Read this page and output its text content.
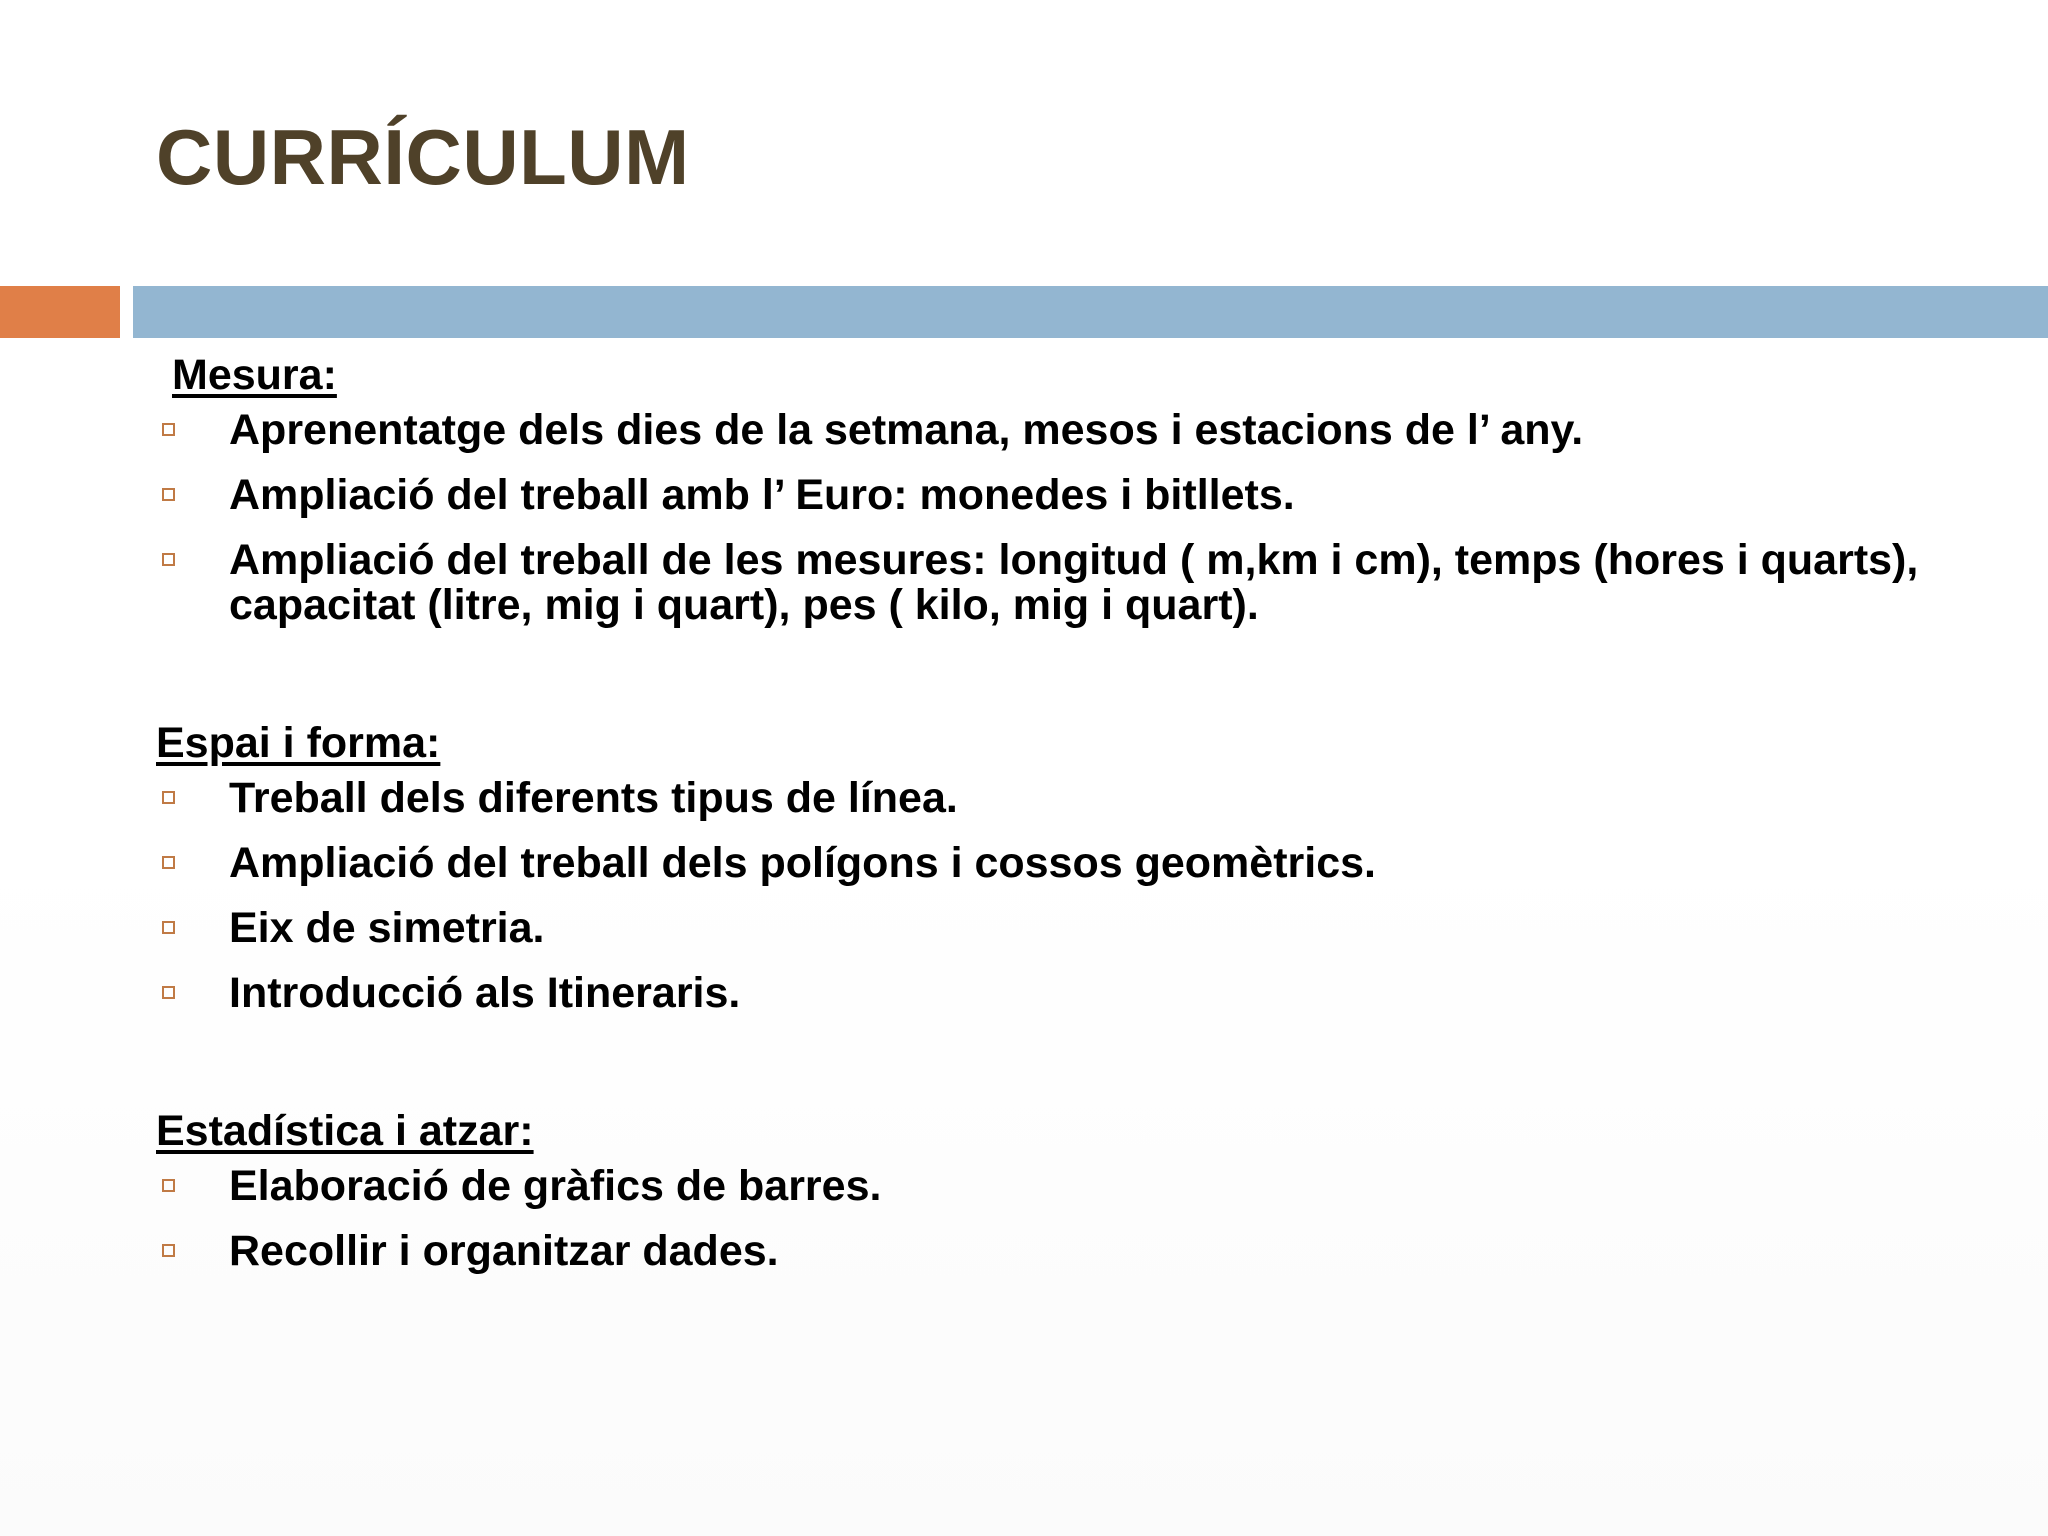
CURRÍCULUM
Mesura:
Aprenentatge dels dies de la setmana, mesos i estacions de l’ any.
Ampliació del treball amb l’ Euro: monedes i bitllets.
Ampliació del treball de les mesures: longitud ( m,km i cm), temps (hores i quarts), capacitat (litre, mig i quart), pes ( kilo, mig i quart).
Espai i forma:
Treball dels diferents tipus de línea.
Ampliació del treball dels polígons i cossos geomètrics.
Eix de simetria.
Introducció als Itineraris.
Estadística i atzar:
Elaboració de gràfics de barres.
Recollir i organitzar dades.
